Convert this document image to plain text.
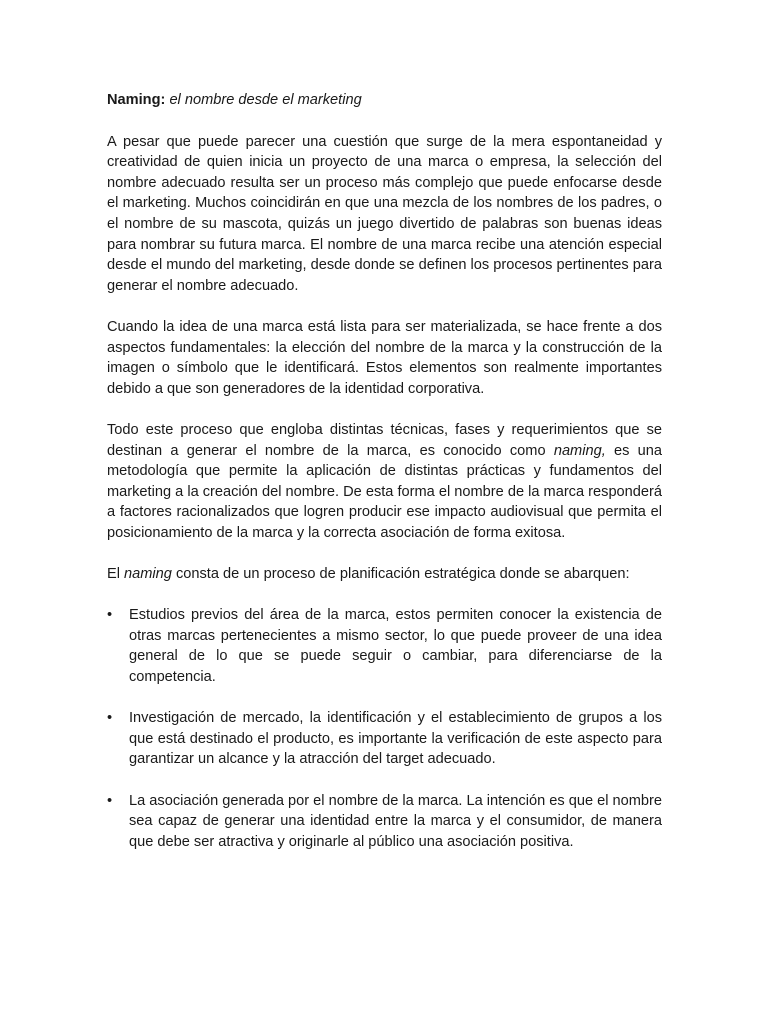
Naming: el nombre desde el marketing

A pesar que puede parecer una cuestión que surge de la mera espontaneidad y creatividad de quien inicia un proyecto de una marca o empresa, la selección del nombre adecuado resulta ser un proceso más complejo que puede enfocarse desde el marketing. Muchos coincidirán en que una mezcla de los nombres de los padres, o el nombre de su mascota, quizás un juego divertido de palabras son buenas ideas para nombrar su futura marca. El nombre de una marca recibe una atención especial desde el mundo del marketing, desde donde se definen los procesos pertinentes para generar el nombre adecuado.

Cuando la idea de una marca está lista para ser materializada, se hace frente a dos aspectos fundamentales: la elección del nombre de la marca y la construcción de la imagen o símbolo que le identificará. Estos elementos son realmente importantes debido a que son generadores de la identidad corporativa.

Todo este proceso que engloba distintas técnicas, fases y requerimientos que se destinan a generar el nombre de la marca, es conocido como naming, es una metodología que permite la aplicación de distintas prácticas y fundamentos del marketing a la creación del nombre. De esta forma el nombre de la marca responderá a factores racionalizados que logren producir ese impacto audiovisual que permita el posicionamiento de la marca y la correcta asociación de forma exitosa.

El naming consta de un proceso de planificación estratégica donde se abarquen:

• Estudios previos del área de la marca, estos permiten conocer la existencia de otras marcas pertenecientes a mismo sector, lo que puede proveer de una idea general de lo que se puede seguir o cambiar, para diferenciarse de la competencia.
• Investigación de mercado, la identificación y el establecimiento de grupos a los que está destinado el producto, es importante la verificación de este aspecto para garantizar un alcance y la atracción del target adecuado.
• La asociación generada por el nombre de la marca. La intención es que el nombre sea capaz de generar una identidad entre la marca y el consumidor, de manera que debe ser atractiva y originarle al público una asociación positiva.
